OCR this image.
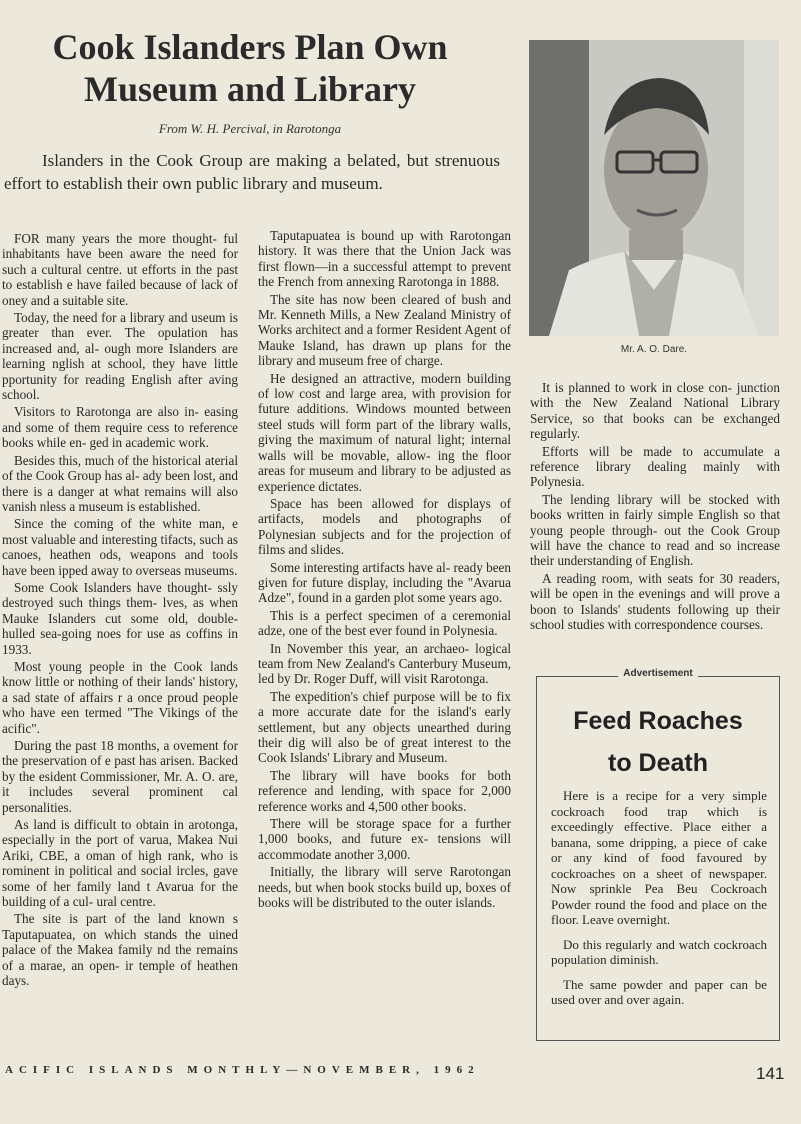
Cook Islanders Plan Own
Museum and Library
From W. H. Percival, in Rarotonga

Islanders in the Cook Group are making a belated, but strenuous effort to establish their own public library and museum.

FOR many years the more thought- ful inhabitants have been aware the need for such a cultural centre. ut efforts in the past to establish e have failed because of lack of oney and a suitable site.

Today, the need for a library and useum is greater than ever. The opulation has increased and, al- ough more Islanders are learning nglish at school, they have little pportunity for reading English after aving school.

Visitors to Rarotonga are also in- easing and some of them require cess to reference books while en- ged in academic work.

Besides this, much of the historical aterial of the Cook Group has al- ady been lost, and there is a danger at what remains will also vanish nless a museum is established.

Since the coming of the white man, e most valuable and interesting tifacts, such as canoes, heathen ods, weapons and tools have been ipped away to overseas museums.

Some Cook Islanders have thought- ssly destroyed such things them- lves, as when Mauke Islanders cut some old, double-hulled sea-going noes for use as coffins in 1933.

Most young people in the Cook lands know little or nothing of their lands' history, a sad state of affairs r a once proud people who have een termed "The Vikings of the acific".

During the past 18 months, a ovement for the preservation of e past has arisen. Backed by the esident Commissioner, Mr. A. O. are, it includes several prominent cal personalities.

As land is difficult to obtain in arotonga, especially in the port of varua, Makea Nui Ariki, CBE, a oman of high rank, who is rominent in political and social ircles, gave some of her family land t Avarua for the building of a cul- ural centre.

The site is part of the land known s Taputapuatea, on which stands the uined palace of the Makea family nd the remains of a marae, an open- ir temple of heathen days.

Taputapuatea is bound up with Rarotongan history. It was there that the Union Jack was first flown—in a successful attempt to prevent the French from annexing Rarotonga in 1888.

The site has now been cleared of bush and Mr. Kenneth Mills, a New Zealand Ministry of Works architect and a former Resident Agent of Mauke Island, has drawn up plans for the library and museum free of charge.

He designed an attractive, modern building of low cost and large area, with provision for future additions. Windows mounted between steel studs will form part of the library walls, giving the maximum of natural light; internal walls will be movable, allow- ing the floor areas for museum and library to be adjusted as experience dictates.

Space has been allowed for displays of artifacts, models and photographs of Polynesian subjects and for the projection of films and slides.

Some interesting artifacts have al- ready been given for future display, including the "Avarua Adze", found in a garden plot some years ago.

This is a perfect specimen of a ceremonial adze, one of the best ever found in Polynesia.

In November this year, an archaeo- logical team from New Zealand's Canterbury Museum, led by Dr. Roger Duff, will visit Rarotonga.

The expedition's chief purpose will be to fix a more accurate date for the island's early settlement, but any objects unearthed during their dig will also be of great interest to the Cook Islands' Library and Museum.

The library will have books for both reference and lending, with space for 2,000 reference works and 4,500 other books.

There will be storage space for a further 1,000 books, and future ex- tensions will accommodate another 3,000.

Initially, the library will serve Rarotongan needs, but when book stocks build up, boxes of books will be distributed to the outer islands.

Mr. A. O. Dare.

It is planned to work in close con- junction with the New Zealand National Library Service, so that books can be exchanged regularly.

Efforts will be made to accumulate a reference library dealing mainly with Polynesia.

The lending library will be stocked with books written in fairly simple English so that young people through- out the Cook Group will have the chance to read and so increase their understanding of English.

A reading room, with seats for 30 readers, will be open in the evenings and will prove a boon to Islands' students following up their school studies with correspondence courses.

Advertisement
Feed Roaches
to Death

Here is a recipe for a very simple cockroach food trap which is exceedingly effective. Place either a banana, some dripping, a piece of cake or any kind of food favoured by cockroaches on a sheet of newspaper. Now sprinkle Pea Beu Cockroach Powder round the food and place on the floor. Leave overnight.

Do this regularly and watch cockroach population diminish.

The same powder and paper can be used over and over again.

ACIFIC ISLANDS MONTHLY—NOVEMBER, 1962	141
